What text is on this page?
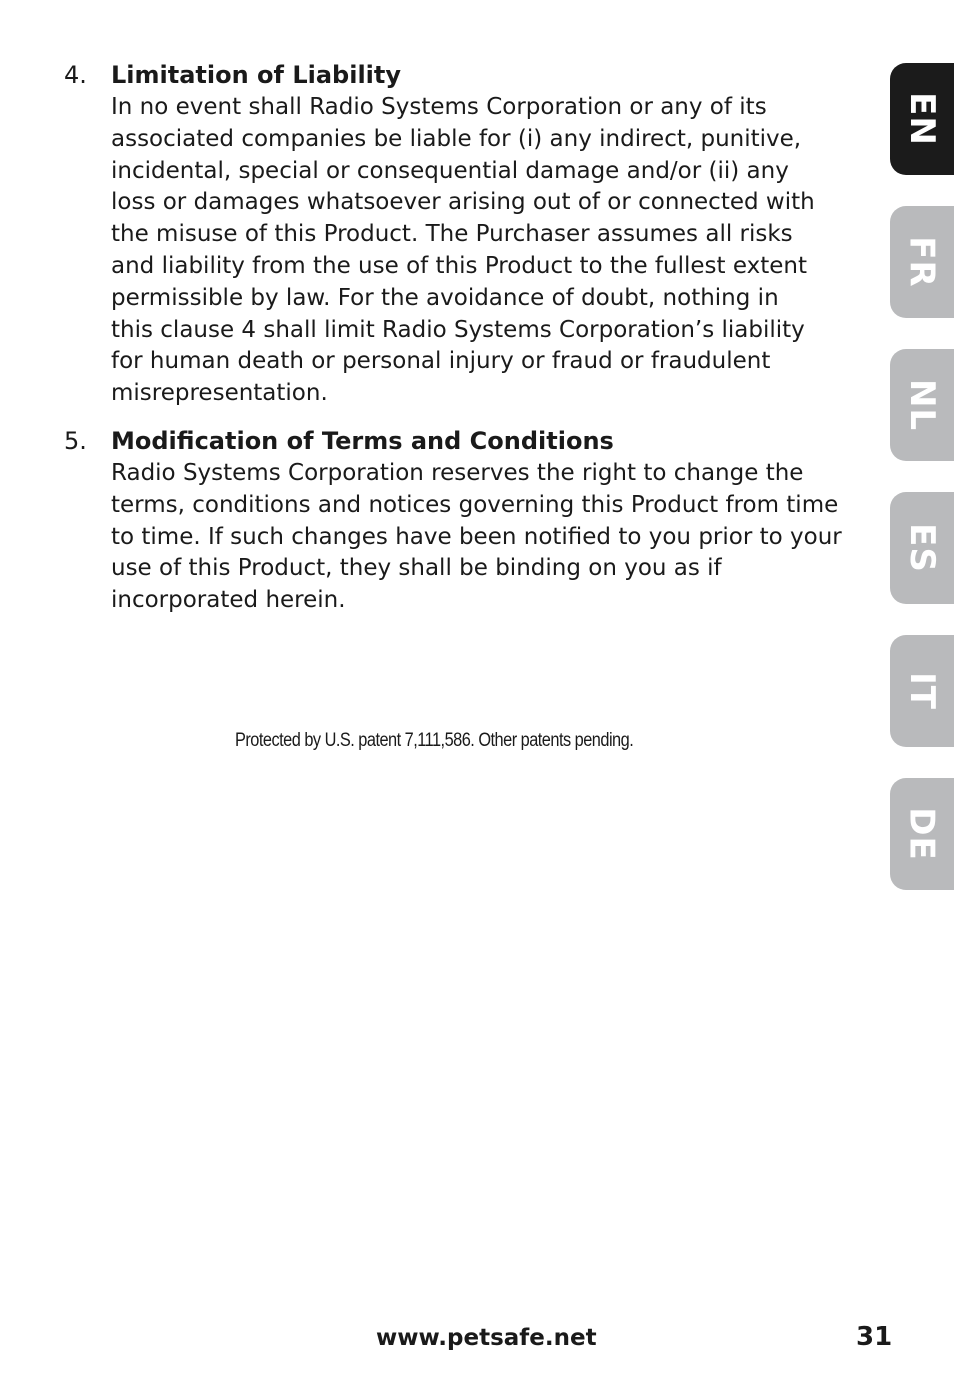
4.	Limitation of Liability
In no event shall Radio Systems Corporation or any of its
associated companies be liable for (i) any indirect, punitive,
incidental, special or consequential damage and/or (ii) any
loss or damages whatsoever arising out of or connected with
the misuse of this Product. The Purchaser assumes all risks
and liability from the use of this Product to the fullest extent
permissible by law. For the avoidance of doubt, nothing in
this clause 4 shall limit Radio Systems Corporation’s liability
for human death or personal injury or fraud or fraudulent
misrepresentation.
5.	Modification of Terms and Conditions
Radio Systems Corporation reserves the right to change the
terms, conditions and notices governing this Product from time
to time. If such changes have been notified to you prior to your
use of this Product, they shall be binding on you as if
incorporated herein.
Protected by U.S. patent 7,111,586. Other patents pending.
EN
FR
NL
ES
IT
DE
www.petsafe.net	31
